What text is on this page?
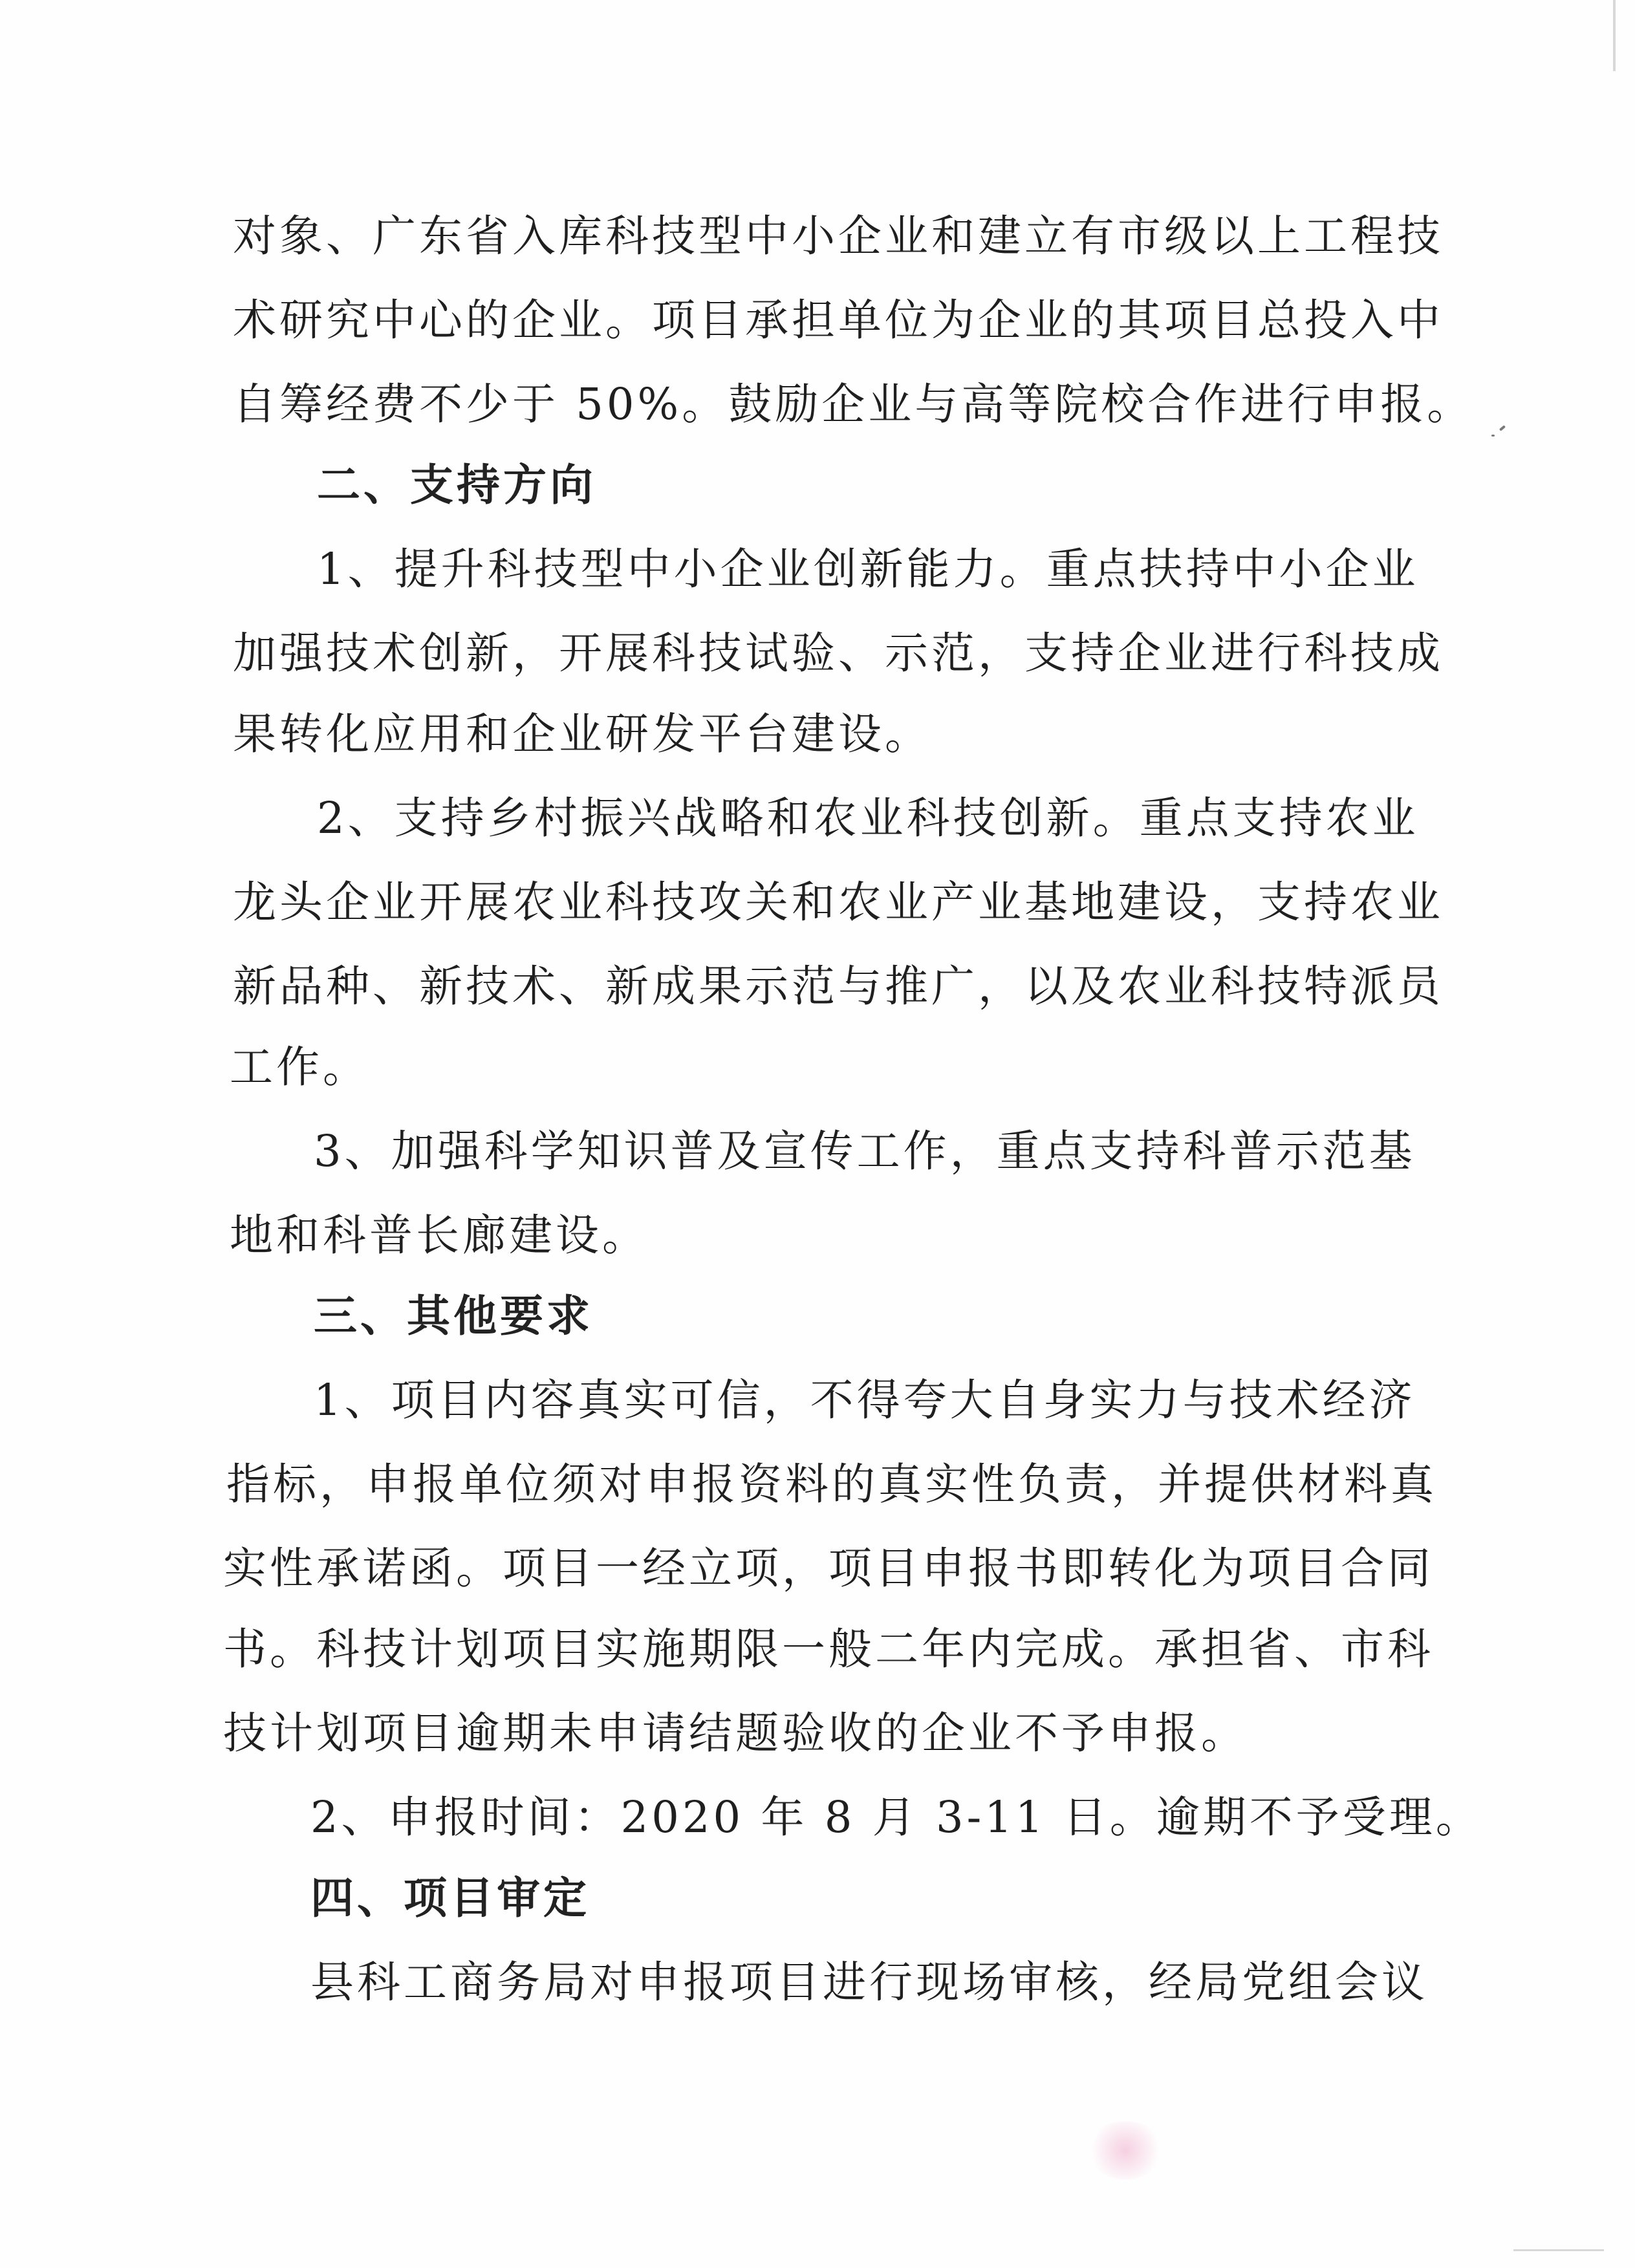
对象、广东省入库科技型中小企业和建立有市级以上工程技
术研究中心的企业。项目承担单位为企业的其项目总投入中
自筹经费不少于 50%。鼓励企业与高等院校合作进行申报。
二、支持方向
1、提升科技型中小企业创新能力。重点扶持中小企业
加强技术创新，开展科技试验、示范，支持企业进行科技成
果转化应用和企业研发平台建设。
2、支持乡村振兴战略和农业科技创新。重点支持农业
龙头企业开展农业科技攻关和农业产业基地建设，支持农业
新品种、新技术、新成果示范与推广，以及农业科技特派员
工作。
3、加强科学知识普及宣传工作，重点支持科普示范基
地和科普长廊建设。
三、其他要求
1、项目内容真实可信，不得夸大自身实力与技术经济
指标，申报单位须对申报资料的真实性负责，并提供材料真
实性承诺函。项目一经立项，项目申报书即转化为项目合同
书。科技计划项目实施期限一般二年内完成。承担省、市科
技计划项目逾期未申请结题验收的企业不予申报。
2、申报时间：2020 年 8 月 3-11 日。逾期不予受理。
四、项目审定
县科工商务局对申报项目进行现场审核，经局党组会议
